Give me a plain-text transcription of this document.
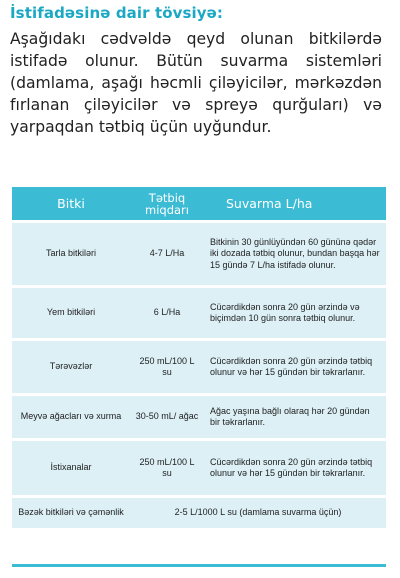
İstifadəsinə dair tövsiyə:
Aşağıdakı cədvəldə qeyd olunan bitkilərdə istifadə olunur. Bütün suvarma sistemləri (damlama, aşağı həcmli çiləyicilər, mərkəzdən fırlanan çiləyicilər və spreyə qurğuları) və yarpaqdan tətbiq üçün uyğundur.
Bitki	Tətbiq miqdarı	Suvarma L/ha
Tarla bitkiləri	4-7 L/Ha	Bitkinin 30 günlüyündən 60 gününə qədər iki dozada tətbiq olunur, bundan başqa hər 15 gündə 7 L/ha istifadə olunur.
Yem bitkiləri	6 L/Ha	Cücərdikdən sonra 20 gün ərzində və biçimdən 10 gün sonra tətbiq olunur.
Tərəvəzlər	250 mL/100 L su	Cücərdikdən sonra 20 gün ərzində tətbiq olunur və hər 15 gündən bir təkrarlanır.
Meyvə ağacları və xurma	30-50 mL/ ağac	Ağac yaşına bağlı olaraq hər 20 gündən bir təkrarlanır.
İstixanalar	250 mL/100 L su	Cücərdikdən sonra 20 gün ərzində tətbiq olunur və hər 15 gündən bir təkrarlanır.
Bəzək bitkiləri və çəmənlik	2-5 L/1000 L su (damlama suvarma üçün)	
